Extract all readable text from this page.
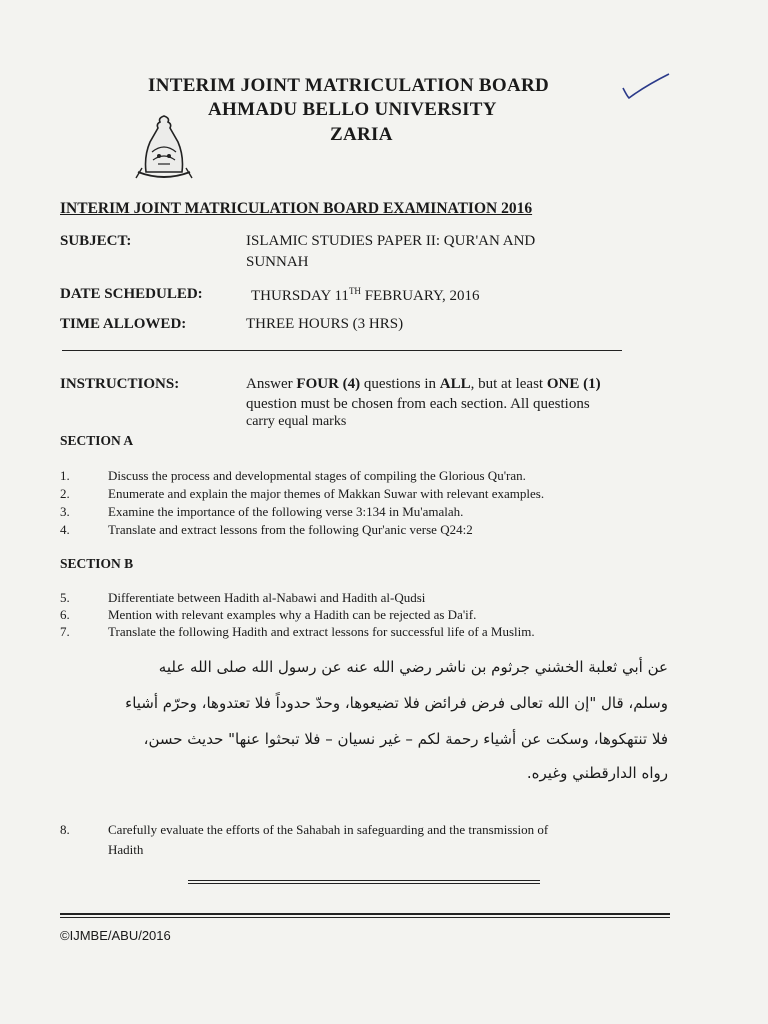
INTERIM JOINT MATRICULATION BOARD
AHMADU BELLO UNIVERSITY
ZARIA
INTERIM JOINT MATRICULATION BOARD EXAMINATION 2016
SUBJECT:	ISLAMIC STUDIES PAPER II: QUR'AN AND
SUNNAH
DATE SCHEDULED:	THURSDAY 11TH FEBRUARY, 2016
TIME ALLOWED:	THREE HOURS (3 HRS)
INSTRUCTIONS:	Answer FOUR (4) questions in ALL, but at least ONE (1)
question must be chosen from each section. All questions
carry equal marks
SECTION A
1.	Discuss the process and developmental stages of compiling the Glorious Qu'ran.
2.	Enumerate and explain the major themes of Makkan Suwar with relevant examples.
3.	Examine the importance of the following verse 3:134 in Mu'amalah.
4.	Translate and extract lessons from the following Qur'anic verse Q24:2
SECTION B
5.	Differentiate between Hadith al-Nabawi and Hadith al-Qudsi
6.	Mention with relevant examples why a Hadith can be rejected as Da'if.
7.	Translate the following Hadith and extract lessons for successful life of a Muslim.
عن أبي ثعلبة الخشني جرثوم بن ناشر رضي الله عنه عن رسول الله صلى الله عليه
وسلم، قال "إن الله تعالى فرض فرائض فلا تضيعوها، وحدّ حدوداً فلا تعتدوها، وحرّم أشياء
فلا تنتهكوها، وسكت عن أشياء رحمة لكم – غير نسيان – فلا تبحثوا عنها" حديث حسن،
رواه الدارقطني وغيره.
8.	Carefully evaluate the efforts of the Sahabah in safeguarding and the transmission of
Hadith
©IJMBE/ABU/2016
